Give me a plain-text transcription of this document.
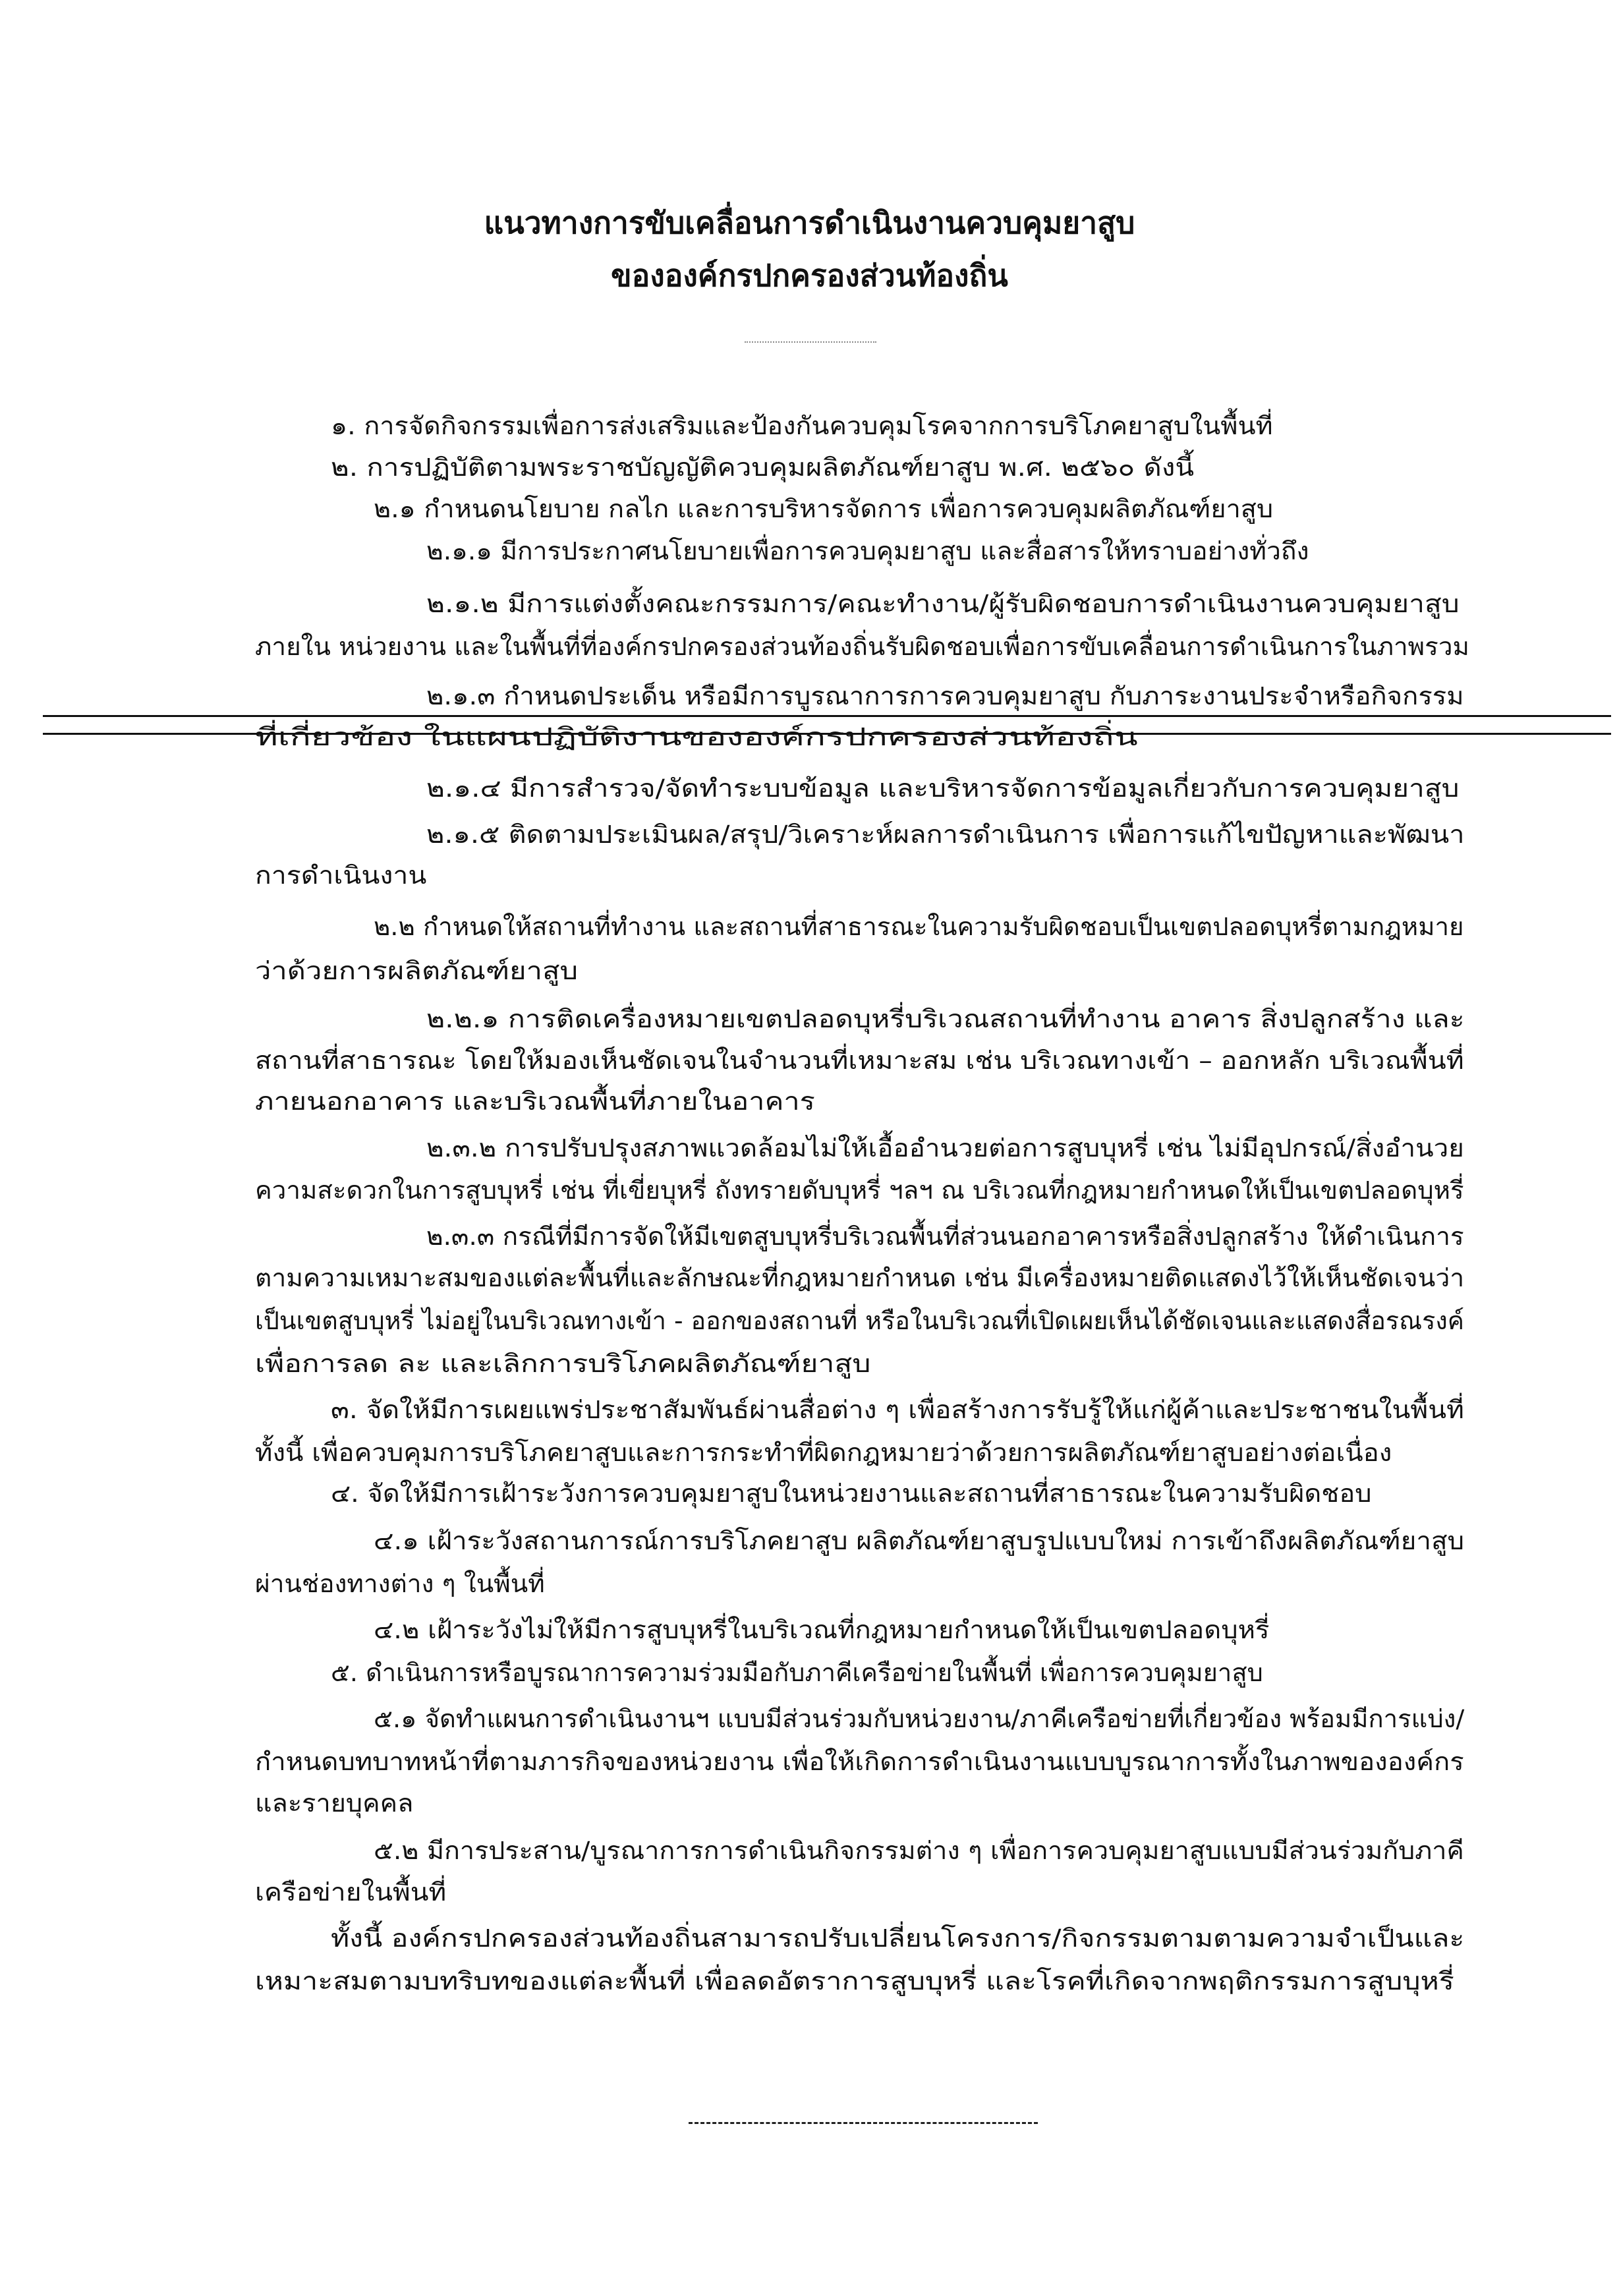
แนวทางการขับเคลื่อนการดำเนินงานควบคุมยาสูบ
ขององค์กรปกครองส่วนท้องถิ่น
๑. การจัดกิจกรรมเพื่อการส่งเสริมและป้องกันควบคุมโรคจากการบริโภคยาสูบในพื้นที่
๒. การปฏิบัติตามพระราชบัญญัติควบคุมผลิตภัณฑ์ยาสูบ พ.ศ. ๒๕๖๐ ดังนี้
๒.๑ กำหนดนโยบาย กลไก และการบริหารจัดการ เพื่อการควบคุมผลิตภัณฑ์ยาสูบ
๒.๑.๑ มีการประกาศนโยบายเพื่อการควบคุมยาสูบ และสื่อสารให้ทราบอย่างทั่วถึง
๒.๑.๒ มีการแต่งตั้งคณะกรรมการ/คณะทำงาน/ผู้รับผิดชอบการดำเนินงานควบคุมยาสูบ
ภายใน หน่วยงาน และในพื้นที่ที่องค์กรปกครองส่วนท้องถิ่นรับผิดชอบเพื่อการขับเคลื่อนการดำเนินการในภาพรวม
๒.๑.๓ กำหนดประเด็น หรือมีการบูรณาการการควบคุมยาสูบ กับภาระงานประจำหรือกิจกรรม
ที่เกี่ยวข้อง ในแผนปฏิบัติงานขององค์กรปกครองส่วนท้องถิ่น
๒.๑.๔ มีการสำรวจ/จัดทำระบบข้อมูล และบริหารจัดการข้อมูลเกี่ยวกับการควบคุมยาสูบ
๒.๑.๕ ติดตามประเมินผล/สรุป/วิเคราะห์ผลการดำเนินการ เพื่อการแก้ไขปัญหาและพัฒนา
การดำเนินงาน
๒.๒ กำหนดให้สถานที่ทำงาน และสถานที่สาธารณะในความรับผิดชอบเป็นเขตปลอดบุหรี่ตามกฎหมาย
ว่าด้วยการผลิตภัณฑ์ยาสูบ
๒.๒.๑ การติดเครื่องหมายเขตปลอดบุหรี่บริเวณสถานที่ทำงาน อาคาร สิ่งปลูกสร้าง และ
สถานที่สาธารณะ โดยให้มองเห็นชัดเจนในจำนวนที่เหมาะสม เช่น บริเวณทางเข้า – ออกหลัก บริเวณพื้นที่
ภายนอกอาคาร และบริเวณพื้นที่ภายในอาคาร
๒.๓.๒ การปรับปรุงสภาพแวดล้อมไม่ให้เอื้ออำนวยต่อการสูบบุหรี่ เช่น ไม่มีอุปกรณ์/สิ่งอำนวย
ความสะดวกในการสูบบุหรี่ เช่น ที่เขี่ยบุหรี่ ถังทรายดับบุหรี่ ฯลฯ ณ บริเวณที่กฎหมายกำหนดให้เป็นเขตปลอดบุหรี่
๒.๓.๓ กรณีที่มีการจัดให้มีเขตสูบบุหรี่บริเวณพื้นที่ส่วนนอกอาคารหรือสิ่งปลูกสร้าง ให้ดำเนินการ
ตามความเหมาะสมของแต่ละพื้นที่และลักษณะที่กฎหมายกำหนด เช่น มีเครื่องหมายติดแสดงไว้ให้เห็นชัดเจนว่า
เป็นเขตสูบบุหรี่ ไม่อยู่ในบริเวณทางเข้า - ออกของสถานที่ หรือในบริเวณที่เปิดเผยเห็นได้ชัดเจนและแสดงสื่อรณรงค์
เพื่อการลด ละ และเลิกการบริโภคผลิตภัณฑ์ยาสูบ
๓. จัดให้มีการเผยแพร่ประชาสัมพันธ์ผ่านสื่อต่าง ๆ เพื่อสร้างการรับรู้ให้แก่ผู้ค้าและประชาชนในพื้นที่
ทั้งนี้ เพื่อควบคุมการบริโภคยาสูบและการกระทำที่ผิดกฎหมายว่าด้วยการผลิตภัณฑ์ยาสูบอย่างต่อเนื่อง
๔. จัดให้มีการเฝ้าระวังการควบคุมยาสูบในหน่วยงานและสถานที่สาธารณะในความรับผิดชอบ
๔.๑ เฝ้าระวังสถานการณ์การบริโภคยาสูบ ผลิตภัณฑ์ยาสูบรูปแบบใหม่ การเข้าถึงผลิตภัณฑ์ยาสูบ
ผ่านช่องทางต่าง ๆ ในพื้นที่
๔.๒ เฝ้าระวังไม่ให้มีการสูบบุหรี่ในบริเวณที่กฎหมายกำหนดให้เป็นเขตปลอดบุหรี่
๕. ดำเนินการหรือบูรณาการความร่วมมือกับภาคีเครือข่ายในพื้นที่ เพื่อการควบคุมยาสูบ
๕.๑ จัดทำแผนการดำเนินงานฯ แบบมีส่วนร่วมกับหน่วยงาน/ภาคีเครือข่ายที่เกี่ยวข้อง พร้อมมีการแบ่ง/
กำหนดบทบาทหน้าที่ตามภารกิจของหน่วยงาน เพื่อให้เกิดการดำเนินงานแบบบูรณาการทั้งในภาพขององค์กร
และรายบุคคล
๕.๒ มีการประสาน/บูรณาการการดำเนินกิจกรรมต่าง ๆ เพื่อการควบคุมยาสูบแบบมีส่วนร่วมกับภาคี
เครือข่ายในพื้นที่
ทั้งนี้ องค์กรปกครองส่วนท้องถิ่นสามารถปรับเปลี่ยนโครงการ/กิจกรรมตามตามความจำเป็นและ
เหมาะสมตามบทริบทของแต่ละพื้นที่ เพื่อลดอัตราการสูบบุหรี่ และโรคที่เกิดจากพฤติกรรมการสูบบุหรี่
